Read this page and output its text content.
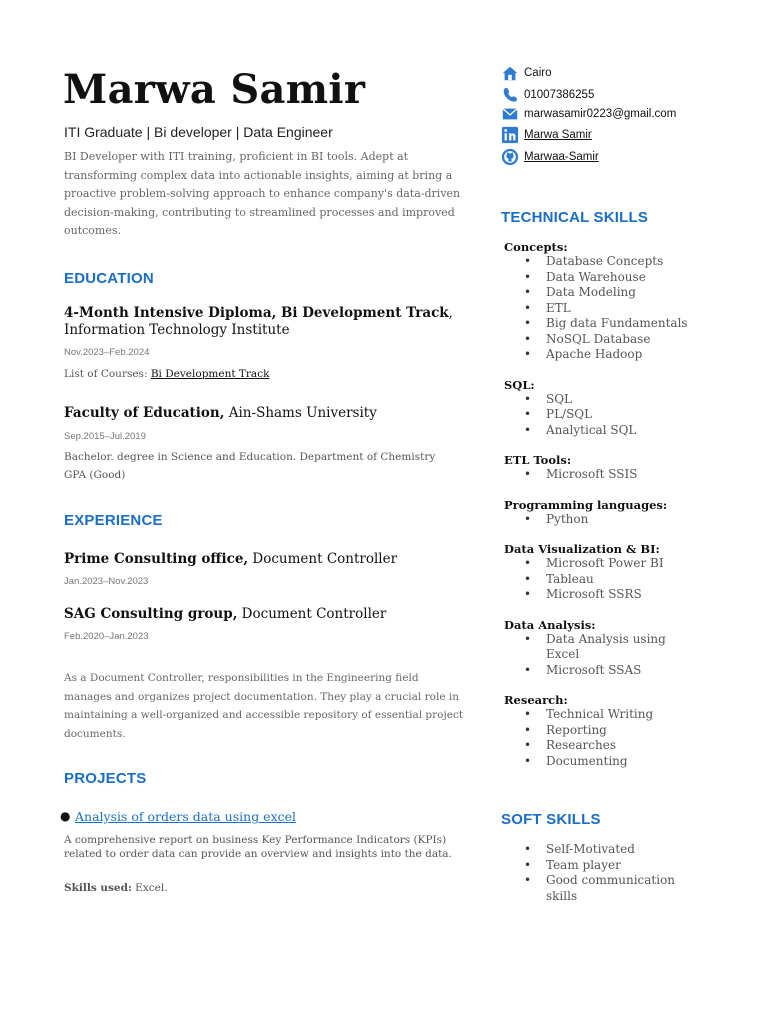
Marwa Samir
ITI Graduate | Bi developer | Data Engineer
BI Developer with ITI training, proficient in BI tools. Adept at transforming complex data into actionable insights, aiming at bring a proactive problem-solving approach to enhance company's data-driven decision-making, contributing to streamlined processes and improved outcomes.
EDUCATION
4-Month Intensive Diploma, Bi Development Track,
Information Technology Institute
Nov.2023–Feb.2024
List of Courses: Bi Development Track
Faculty of Education, Ain-Shams University
Sep.2015–Jul.2019
Bachelor. degree in Science and Education. Department of Chemistry
GPA (Good)
EXPERIENCE
Prime Consulting office, Document Controller
Jan.2023–Nov.2023
SAG Consulting group, Document Controller
Feb.2020–Jan.2023
As a Document Controller, responsibilities in the Engineering field manages and organizes project documentation. They play a crucial role in maintaining a well-organized and accessible repository of essential project documents.
PROJECTS
● Analysis of orders data using excel
A comprehensive report on business Key Performance Indicators (KPIs) related to order data can provide an overview and insights into the data.
Skills used: Excel.
Cairo
01007386255
marwasamir0223@gmail.com
Marwa Samir
Marwaa-Samir
TECHNICAL SKILLS
Concepts:
• Database Concepts
• Data Warehouse
• Data Modeling
• ETL
• Big data Fundamentals
• NoSQL Database
• Apache Hadoop
SQL:
• SQL
• PL/SQL
• Analytical SQL
ETL Tools:
• Microsoft SSIS
Programming languages:
• Python
Data Visualization & BI:
• Microsoft Power BI
• Tableau
• Microsoft SSRS
Data Analysis:
• Data Analysis using Excel
• Microsoft SSAS
Research:
• Technical Writing
• Reporting
• Researches
• Documenting
SOFT SKILLS
• Self-Motivated
• Team player
• Good communication skills
